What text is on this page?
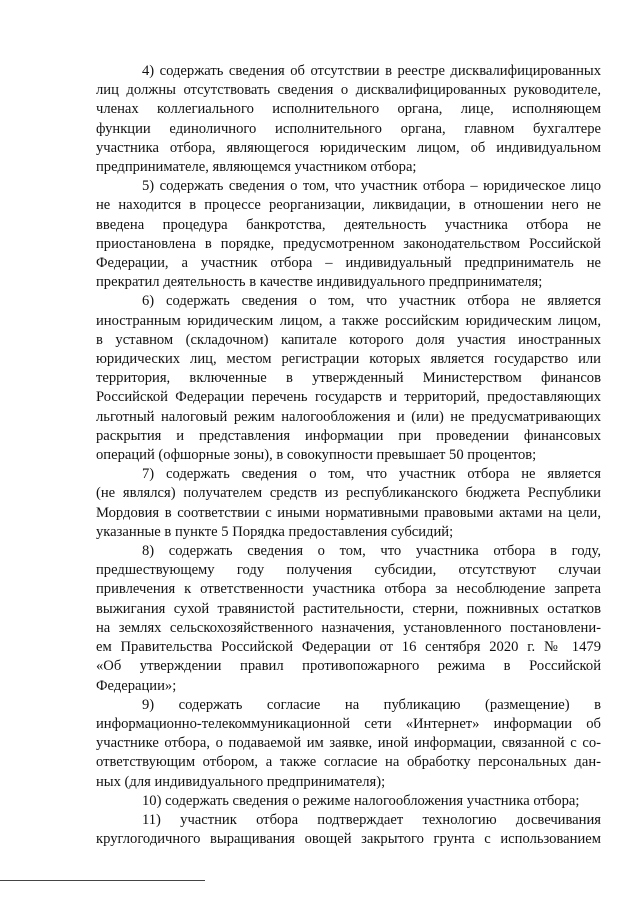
4) содержать сведения об отсутствии в реестре дисквалифицированных
лиц должны отсутствовать сведения о дисквалифицированных руководителе,
членах коллегиального исполнительного органа, лице, исполняющем
функции единоличного исполнительного органа, главном бухгалтере
участника отбора, являющегося юридическим лицом, об индивидуальном
предпринимателе, являющемся участником отбора;
5) содержать сведения о том, что участник отбора – юридическое лицо
не находится в процессе реорганизации, ликвидации, в отношении него не
введена процедура банкротства, деятельность участника отбора не
приостановлена в порядке, предусмотренном законодательством Российской
Федерации, а участник отбора – индивидуальный предприниматель не
прекратил деятельность в качестве индивидуального предпринимателя;
6) содержать сведения о том, что участник отбора не является
иностранным юридическим лицом, а также российским юридическим лицом,
в уставном (складочном) капитале которого доля участия иностранных
юридических лиц, местом регистрации которых является государство или
территория, включенные в утвержденный Министерством финансов
Российской Федерации перечень государств и территорий, предоставляющих
льготный налоговый режим налогообложения и (или) не предусматривающих
раскрытия и представления информации при проведении финансовых
операций (офшорные зоны), в совокупности превышает 50 процентов;
7) содержать сведения о том, что участник отбора не является
(не являлся) получателем средств из республиканского бюджета Республики
Мордовия в соответствии с иными нормативными правовыми актами на цели,
указанные в пункте 5 Порядка предоставления субсидий;
8) содержать сведения о том, что участника отбора в году,
предшествующему году получения субсидии, отсутствуют случаи
привлечения к ответственности участника отбора за несоблюдение запрета
выжигания сухой травянистой растительности, стерни, пожнивных остатков
на землях сельскохозяйственного назначения, установленного постановлени-
ем Правительства Российской Федерации от 16 сентября 2020 г. № 1479
«Об утверждении правил противопожарного режима в Российской
Федерации»;
9) содержать согласие на публикацию (размещение) в
информационно-телекоммуникационной сети «Интернет» информации об
участнике отбора, о подаваемой им заявке, иной информации, связанной с со-
ответствующим отбором, а также согласие на обработку персональных дан-
ных (для индивидуального предпринимателя);
10) содержать сведения о режиме налогообложения участника отбора;
11) участник отбора подтверждает технологию досвечивания
круглогодичного выращивания овощей закрытого грунта с использованием
